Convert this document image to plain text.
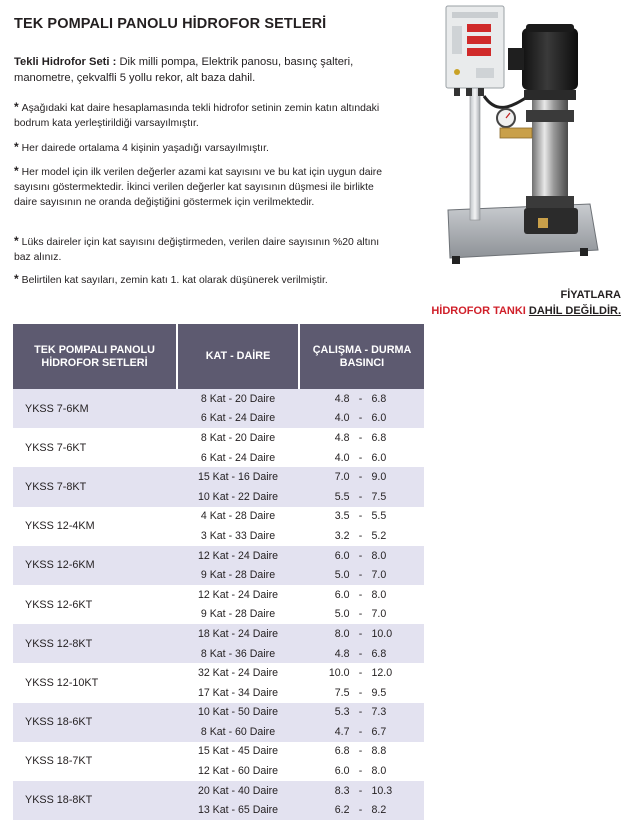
TEK POMPALI PANOLU HİDROFOR SETLERİ
Tekli Hidrofor Seti : Dik milli pompa, Elektrik panosu, basınç şalteri, manometre, çekvalfli 5 yollu rekor, alt baza dahil.
* Aşağıdaki kat daire hesaplamasında tekli hidrofor setinin zemin katın altındaki bodrum kata yerleştirildiği varsayılmıştır.
* Her dairede ortalama 4 kişinin yaşadığı varsayılmıştır.
* Her model için ilk verilen değerler azami kat sayısını ve bu kat için uygun daire sayısını göstermektedir. İkinci verilen değerler kat sayısının düşmesi ile birlikte daire sayısının ne oranda değiştiğini göstermek için verilmektedir.
* Lüks daireler için kat sayısını değiştirmeden, verilen daire sayısının %20 altını baz alınız.
* Belirtilen kat sayıları, zemin katı 1. kat olarak düşünerek verilmiştir.
FİYATLARA
HİDROFOR TANKI DAHİL DEĞİLDİR.
TEK POMPALI PANOLU HİDROFOR SETLERİ	KAT - DAİRE	ÇALIŞMA - DURMA BASINCI
YKSS 7-6KM	8 Kat - 20 Daire	4.8 - 6.8
	6 Kat - 24 Daire	4.0 - 6.0
YKSS 7-6KT	8 Kat - 20 Daire	4.8 - 6.8
	6 Kat - 24 Daire	4.0 - 6.0
YKSS 7-8KT	15 Kat - 16 Daire	7.0 - 9.0
	10 Kat - 22 Daire	5.5 - 7.5
YKSS 12-4KM	4 Kat - 28 Daire	3.5 - 5.5
	3 Kat - 33 Daire	3.2 - 5.2
YKSS 12-6KM	12 Kat - 24 Daire	6.0 - 8.0
	9 Kat - 28 Daire	5.0 - 7.0
YKSS 12-6KT	12 Kat - 24 Daire	6.0 - 8.0
	9 Kat - 28 Daire	5.0 - 7.0
YKSS 12-8KT	18 Kat - 24 Daire	8.0 - 10.0
	8 Kat - 36 Daire	4.8 - 6.8
YKSS 12-10KT	32 Kat - 24 Daire	10.0 - 12.0
	17 Kat - 34 Daire	7.5 - 9.5
YKSS 18-6KT	10 Kat - 50 Daire	5.3 - 7.3
	8 Kat - 60 Daire	4.7 - 6.7
YKSS 18-7KT	15 Kat - 45 Daire	6.8 - 8.8
	12 Kat - 60 Daire	6.0 - 8.0
YKSS 18-8KT	20 Kat - 40 Daire	8.3 - 10.3
	13 Kat - 65 Daire	6.2 - 8.2
